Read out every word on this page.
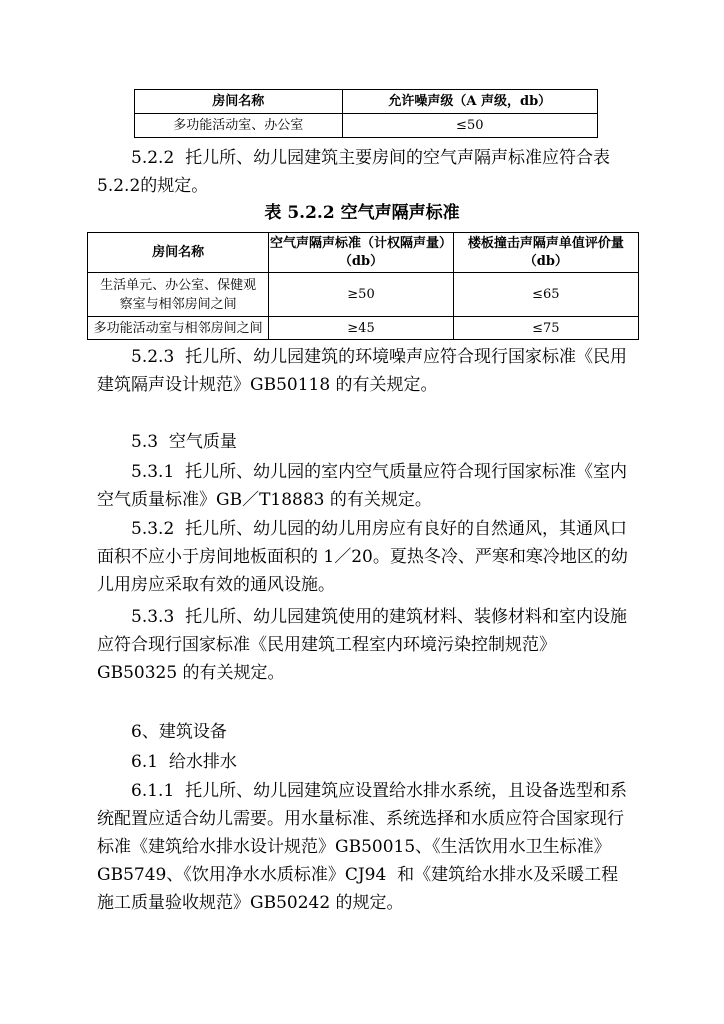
房间名称	允许噪声级（A 声级，db）
多功能活动室、办公室	≤50

5.2.2  托儿所、幼儿园建筑主要房间的空气声隔声标准应符合表 5.2.2的规定。

表 5.2.2 空气声隔声标准

房间名称	空气声隔声标准（计权隔声量）（db）	楼板撞击声隔声单值评价量（db）

生活单元、办公室、保健观察室与相邻房间之间	≥50	≤65
多功能活动室与相邻房间之间	≥45	≤75

5.2.3  托儿所、幼儿园建筑的环境噪声应符合现行国家标准《民用建筑隔声设计规范》GB50118 的有关规定。

5.3  空气质量

5.3.1  托儿所、幼儿园的室内空气质量应符合现行国家标准《室内空气质量标准》GB／T18883 的有关规定。

5.3.2  托儿所、幼儿园的幼儿用房应有良好的自然通风，其通风口面积不应小于房间地板面积的 1／20。夏热冬冷、严寒和寒冷地区的幼儿用房应采取有效的通风设施。

5.3.3  托儿所、幼儿园建筑使用的建筑材料、装修材料和室内设施应符合现行国家标准《民用建筑工程室内环境污染控制规范》GB50325 的有关规定。

6、建筑设备

6.1  给水排水

6.1.1  托儿所、幼儿园建筑应设置给水排水系统，且设备选型和系统配置应适合幼儿需要。用水量标准、系统选择和水质应符合国家现行标准《建筑给水排水设计规范》GB50015、《生活饮用水卫生标准》GB5749、《饮用净水水质标准》CJ94  和《建筑给水排水及采暖工程施工质量验收规范》GB50242 的规定。
